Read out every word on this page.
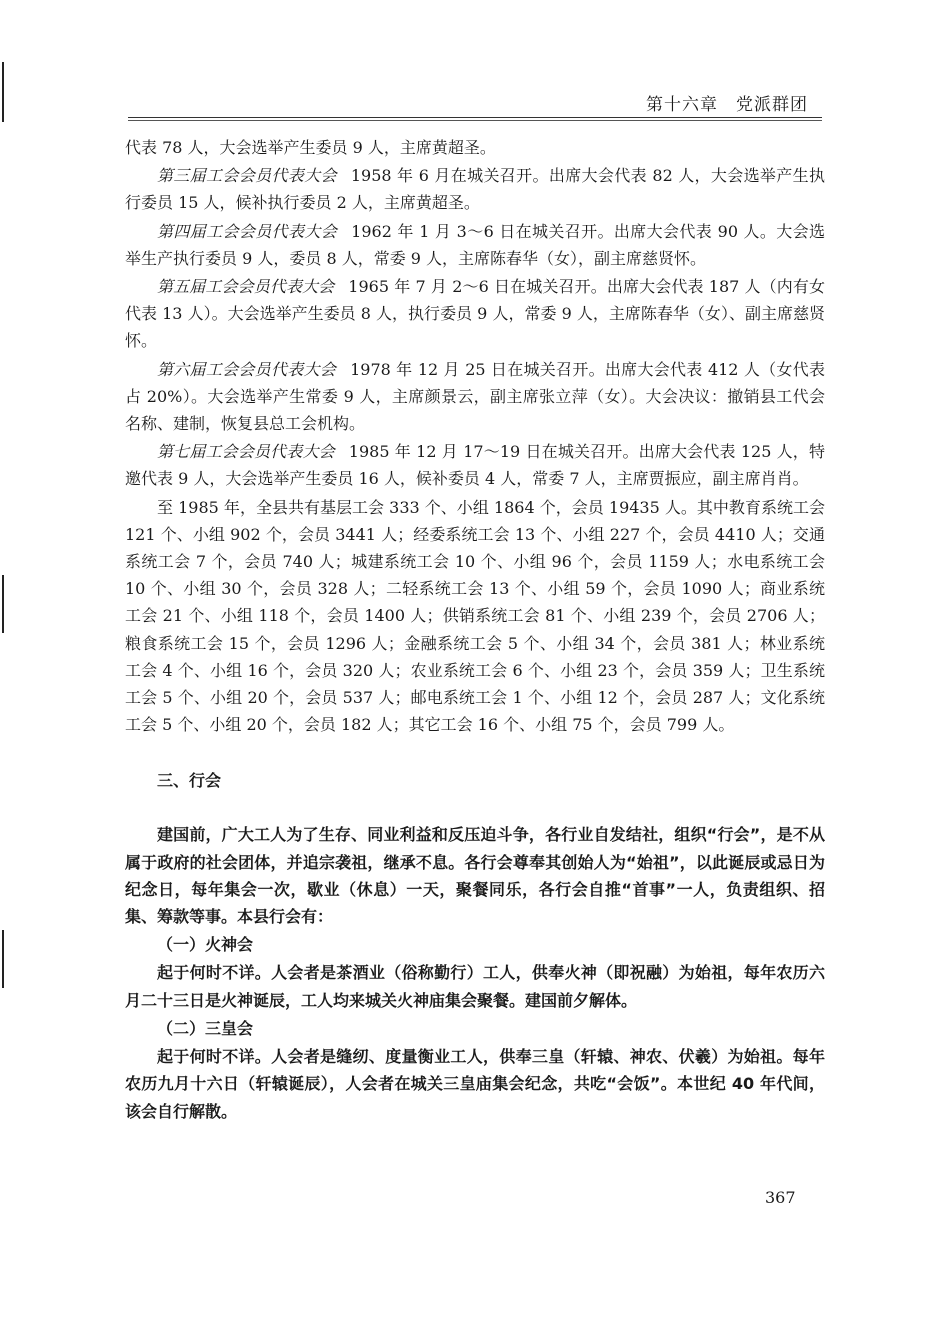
第十六章　党派群团

代表 78 人，大会选举产生委员 9 人，主席黄超圣。

第三届工会会员代表大会 1958 年 6 月在城关召开。出席大会代表 82 人，大会选举产生执行委员 15 人，候补执行委员 2 人，主席黄超圣。

第四届工会会员代表大会 1962 年 1 月 3～6 日在城关召开。出席大会代表 90 人。大会选举生产执行委员 9 人，委员 8 人，常委 9 人，主席陈春华（女），副主席慈贤怀。

第五届工会会员代表大会 1965 年 7 月 2～6 日在城关召开。出席大会代表 187 人（内有女代表 13 人）。大会选举产生委员 8 人，执行委员 9 人，常委 9 人，主席陈春华（女）、副主席慈贤怀。

第六届工会会员代表大会 1978 年 12 月 25 日在城关召开。出席大会代表 412 人（女代表占 20%）。大会选举产生常委 9 人，主席颜景云，副主席张立萍（女）。大会决议：撤销县工代会名称、建制，恢复县总工会机构。

第七届工会会员代表大会 1985 年 12 月 17～19 日在城关召开。出席大会代表 125 人，特邀代表 9 人，大会选举产生委员 16 人，候补委员 4 人，常委 7 人，主席贾振应，副主席肖肖。

至 1985 年，全县共有基层工会 333 个、小组 1864 个，会员 19435 人。其中教育系统工会 121 个、小组 902 个，会员 3441 人；经委系统工会 13 个、小组 227 个，会员 4410 人；交通系统工会 7 个，会员 740 人；城建系统工会 10 个、小组 96 个，会员 1159 人；水电系统工会 10 个、小组 30 个，会员 328 人；二轻系统工会 13 个、小组 59 个，会员 1090 人；商业系统工会 21 个、小组 118 个，会员 1400 人；供销系统工会 81 个、小组 239 个，会员 2706 人；粮食系统工会 15 个，会员 1296 人；金融系统工会 5 个、小组 34 个，会员 381 人；林业系统工会 4 个、小组 16 个，会员 320 人；农业系统工会 6 个、小组 23 个，会员 359 人；卫生系统工会 5 个、小组 20 个，会员 537 人；邮电系统工会 1 个、小组 12 个，会员 287 人；文化系统工会 5 个、小组 20 个，会员 182 人；其它工会 16 个、小组 75 个，会员 799 人。

三、行会

建国前，广大工人为了生存、同业利益和反压迫斗争，各行业自发结社，组织“行会”，是不从属于政府的社会团体，并追宗袭祖，继承不息。各行会尊奉其创始人为“始祖”，以此诞辰或忌日为纪念日，每年集会一次，歇业（休息）一天，聚餐同乐，各行会自推“首事”一人，负责组织、招集、筹款等事。本县行会有：

（一）火神会

起于何时不详。人会者是茶酒业（俗称勤行）工人，供奉火神（即祝融）为始祖，每年农历六月二十三日是火神诞辰，工人均来城关火神庙集会聚餐。建国前夕解体。

（二）三皇会

起于何时不详。人会者是缝纫、度量衡业工人，供奉三皇（轩辕、神农、伏羲）为始祖。每年农历九月十六日（轩辕诞辰），人会者在城关三皇庙集会纪念，共吃“会饭”。本世纪 40 年代间，该会自行解散。

367
